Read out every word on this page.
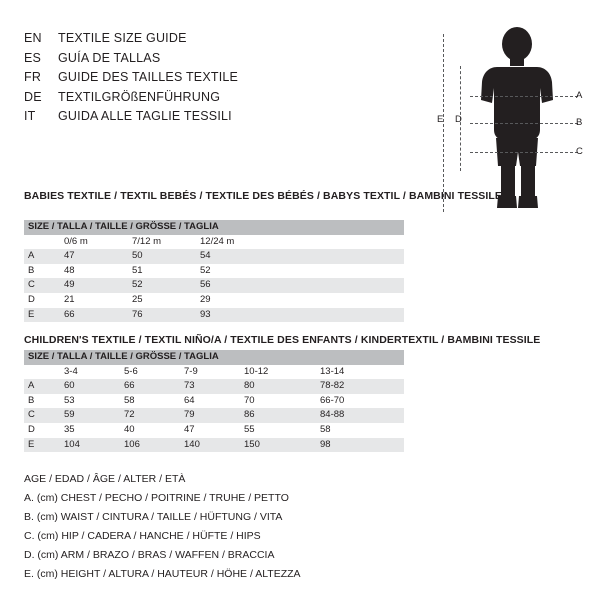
EN	TEXTILE SIZE GUIDE
ES	GUÍA DE TALLAS
FR	GUIDE DES TAILLES TEXTILE
DE	TEXTILGRÖßENFÜHRUNG
IT	GUIDA ALLE TAGLIE TESSILI
A
B
C
D
E
BABIES TEXTILE / TEXTIL BEBÉS / TEXTILE DES BÉBÉS / BABYS TEXTIL / BAMBINI TESSILE
SIZE / TALLA / TAILLE / GRÖSSE / TAGLIA				
	0/6 m	7/12 m	12/24 m	
A	47	50	54	
B	48	51	52	
C	49	52	56	
D	21	25	29	
E	66	76	93	
CHILDREN'S TEXTILE / TEXTIL NIÑO/A / TEXTILE DES ENFANTS / KINDERTEXTIL / BAMBINI TESSILE
SIZE / TALLA / TAILLE / GRÖSSE / TAGLIA					
	3-4	5-6	7-9	10-12	13-14
A	60	66	73	80	78-82
B	53	58	64	70	66-70
C	59	72	79	86	84-88
D	35	40	47	55	58
E	104	106	140	150	98
AGE / EDAD / ÂGE / ALTER / ETÀ
A. (cm) CHEST / PECHO / POITRINE / TRUHE / PETTO
B. (cm) WAIST / CINTURA / TAILLE / HÜFTUNG / VITA
C. (cm) HIP / CADERA / HANCHE / HÜFTE / HIPS
D. (cm) ARM / BRAZO / BRAS / WAFFEN / BRACCIA
E. (cm) HEIGHT / ALTURA / HAUTEUR / HÖHE / ALTEZZA
